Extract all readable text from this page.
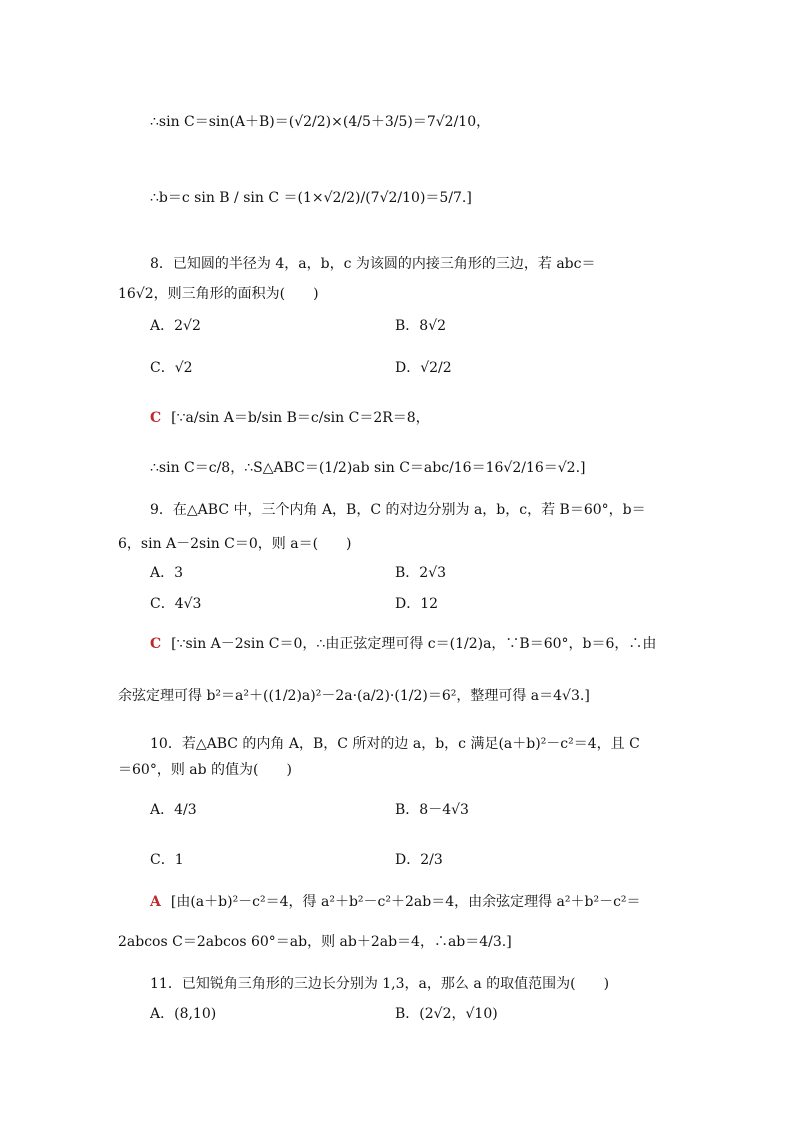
∴sin C＝sin(A＋B)＝(√2/2)×(4/5＋3/5)＝7√2/10，
∴b＝c sin B / sin C ＝(1×√2/2)/(7√2/10)＝5/7.]
8．已知圆的半径为 4，a，b，c 为该圆的内接三角形的三边，若 abc＝
16√2，则三角形的面积为(　　)
A．2√2	B．8√2
C．√2	D．√2/2
C [∵a/sin A＝b/sin B＝c/sin C＝2R＝8，
∴sin C＝c/8，∴S△ABC＝(1/2)ab sin C＝abc/16＝16√2/16＝√2.]
9．在△ABC 中，三个内角 A，B，C 的对边分别为 a，b，c，若 B＝60°，b＝
6，sin A－2sin C＝0，则 a＝(　　)
A．3	B．2√3
C．4√3	D．12
C [∵sin A－2sin C＝0，∴由正弦定理可得 c＝(1/2)a，∵B＝60°，b＝6，∴由
余弦定理可得 b²＝a²＋((1/2)a)²－2a·(a/2)·(1/2)＝6²，整理可得 a＝4√3.]
10．若△ABC 的内角 A，B，C 所对的边 a，b，c 满足(a＋b)²－c²＝4，且 C
＝60°，则 ab 的值为(　　)
A．4/3	B．8－4√3
C．1	D．2/3
A [由(a＋b)²－c²＝4，得 a²＋b²－c²＋2ab＝4，由余弦定理得 a²＋b²－c²＝
2abcos C＝2abcos 60°＝ab，则 ab＋2ab＝4，∴ab＝4/3.]
11．已知锐角三角形的三边长分别为 1,3，a，那么 a 的取值范围为(　　)
A．(8,10)	B．(2√2，√10)
